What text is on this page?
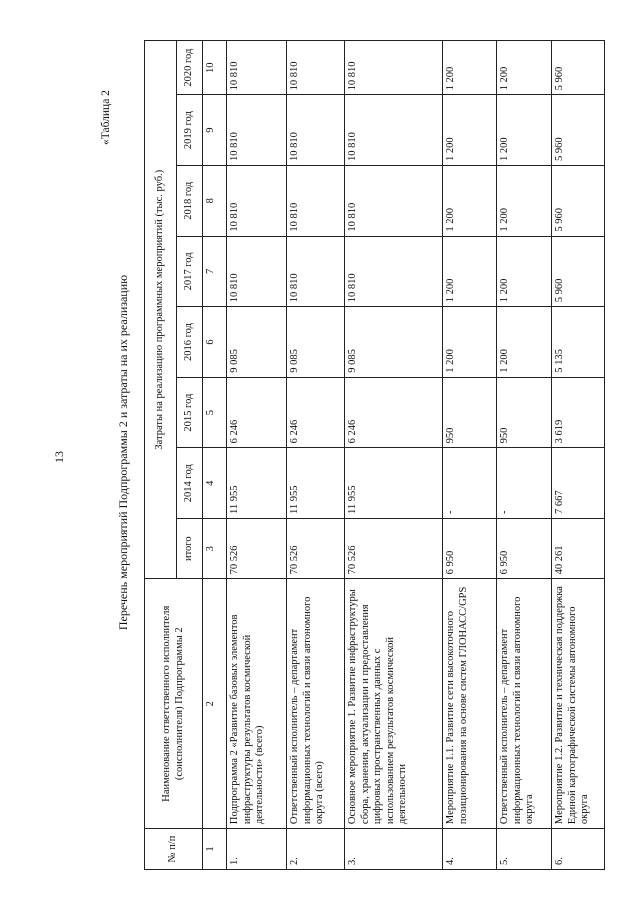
13
«Таблица 2
Перечень мероприятий Подпрограммы 2 и затраты на их реализацию
№ п/п	Наименование ответственного исполнителя (соисполнителя) Подпрограммы 2	Затраты на реализацию программных мероприятий (тыс. руб.)							
		итого	2014 год	2015 год	2016 год	2017 год	2018 год	2019 год	2020 год
1	2	3	4	5	6	7	8	9	10
1.	Подпрограмма 2 «Развитие базовых элементов инфраструктуры результатов космической деятельности» (всего)	70 526	11 955	6 246	9 085	10 810	10 810	10 810	10 810
2.	Ответственный исполнитель – департамент информационных технологий и связи автономного округа (всего)	70 526	11 955	6 246	9 085	10 810	10 810	10 810	10 810
3.	Основное мероприятие 1. Развитие инфраструктуры сбора, хранения, актуализации и предоставления цифровых пространственных данных с использованием результатов космической деятельности	70 526	11 955	6 246	9 085	10 810	10 810	10 810	10 810
4.	Мероприятие 1.1. Развитие сети высокоточного позиционирования на основе систем ГЛОНАСС/GPS	6 950	-	950	1 200	1 200	1 200	1 200	1 200
5.	Ответственный исполнитель – департамент информационных технологий и связи автономного округа	6 950	-	950	1 200	1 200	1 200	1 200	1 200
6.	Мероприятие 1.2. Развитие и техническая поддержка Единой картографической системы автономного округа	40 261	7 667	3 619	5 135	5 960	5 960	5 960	5 960
